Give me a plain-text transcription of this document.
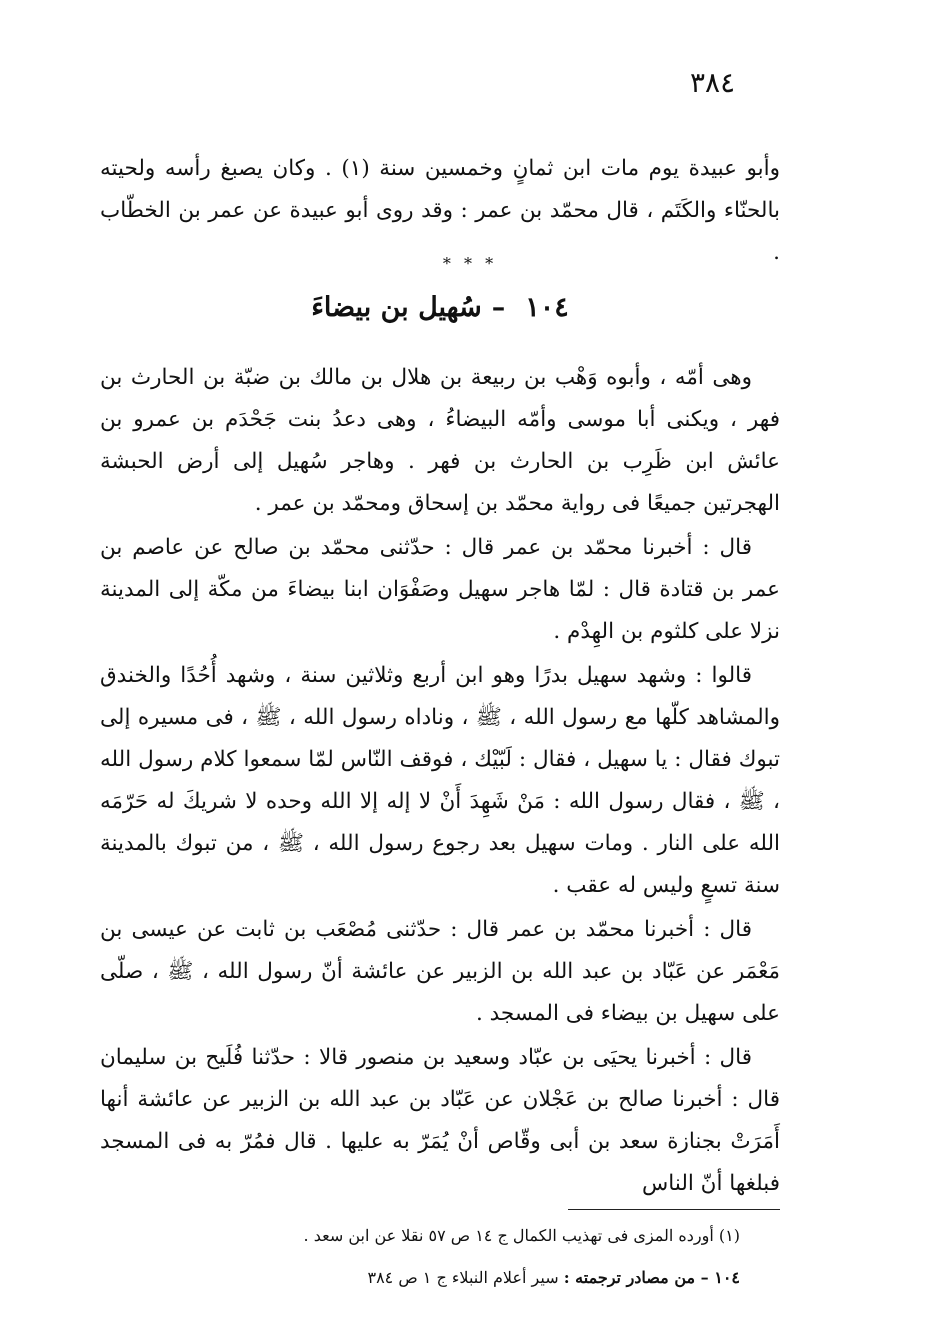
٣٨٤
وأبو عبيدة يوم مات ابن ثمانٍ وخمسين سنة (١) . وكان يصبغ رأسه ولحيته بالحنّاء والكَتَم ، قال محمّد بن عمر : وقد روى أبو عبيدة عن عمر بن الخطّاب .
* * *
١٠٤–سُهيل بن بيضاءَ

وهى أمّه ، وأبوه وَهْب بن ربيعة بن هلال بن مالك بن ضبّة بن الحارث بن فهر ، ويكنى أبا موسى وأمّه البيضاءُ ، وهى دعدُ بنت جَحْدَم بن عمرو بن عائش ابن ظَرِب بن الحارث بن فهر . وهاجر سُهيل إلى أرض الحبشة الهجرتين جميعًا فى رواية محمّد بن إسحاق ومحمّد بن عمر .

قال : أخبرنا محمّد بن عمر قال : حدّثنى محمّد بن صالح عن عاصم بن عمر بن قتادة قال : لمّا هاجر سهيل وصَفْوَان ابنا بيضاءَ من مكّة إلى المدينة نزلا على كلثوم بن الهِدْم .

قالوا : وشهد سهيل بدرًا وهو ابن أربع وثلاثين سنة ، وشهد أُحُدًا والخندق والمشاهد كلّها مع رسول الله ، ﷺ ، وناداه رسول الله ، ﷺ ، فى مسيره إلى تبوك فقال : يا سهيل ، فقال : لَبّيْك ، فوقف النّاس لمّا سمعوا كلام رسول الله ، ﷺ ، فقال رسول الله : مَنْ شَهِدَ أَنْ لا إله إلا الله وحده لا شريكَ له حَرّمَه الله على النار . ومات سهيل بعد رجوع رسول الله ، ﷺ ، من تبوك بالمدينة سنة تسعٍ وليس له عقب .

قال : أخبرنا محمّد بن عمر قال : حدّثنى مُصْعَب بن ثابت عن عيسى بن مَعْمَر عن عَبّاد بن عبد الله بن الزبير عن عائشة أنّ رسول الله ، ﷺ ، صلّى على سهيل بن بيضاء فى المسجد .

قال : أخبرنا يحيَى بن عبّاد وسعيد بن منصور قالا : حدّثنا فُلَيح بن سليمان قال : أخبرنا صالح بن عَجْلان عن عَبّاد بن عبد الله بن الزبير عن عائشة أنها أَمَرَتْ بجنازة سعد بن أبى وقّاص أنْ يُمَرّ به عليها . قال فمُرّ به فى المسجد فبلغها أنّ الناس

(١) أورده المزى فى تهذيب الكمال ج ١٤ ص ٥٧ نقلا عن ابن سعد .
١٠٤ – من مصادر ترجمته : سير أعلام النبلاء ج ١ ص ٣٨٤
